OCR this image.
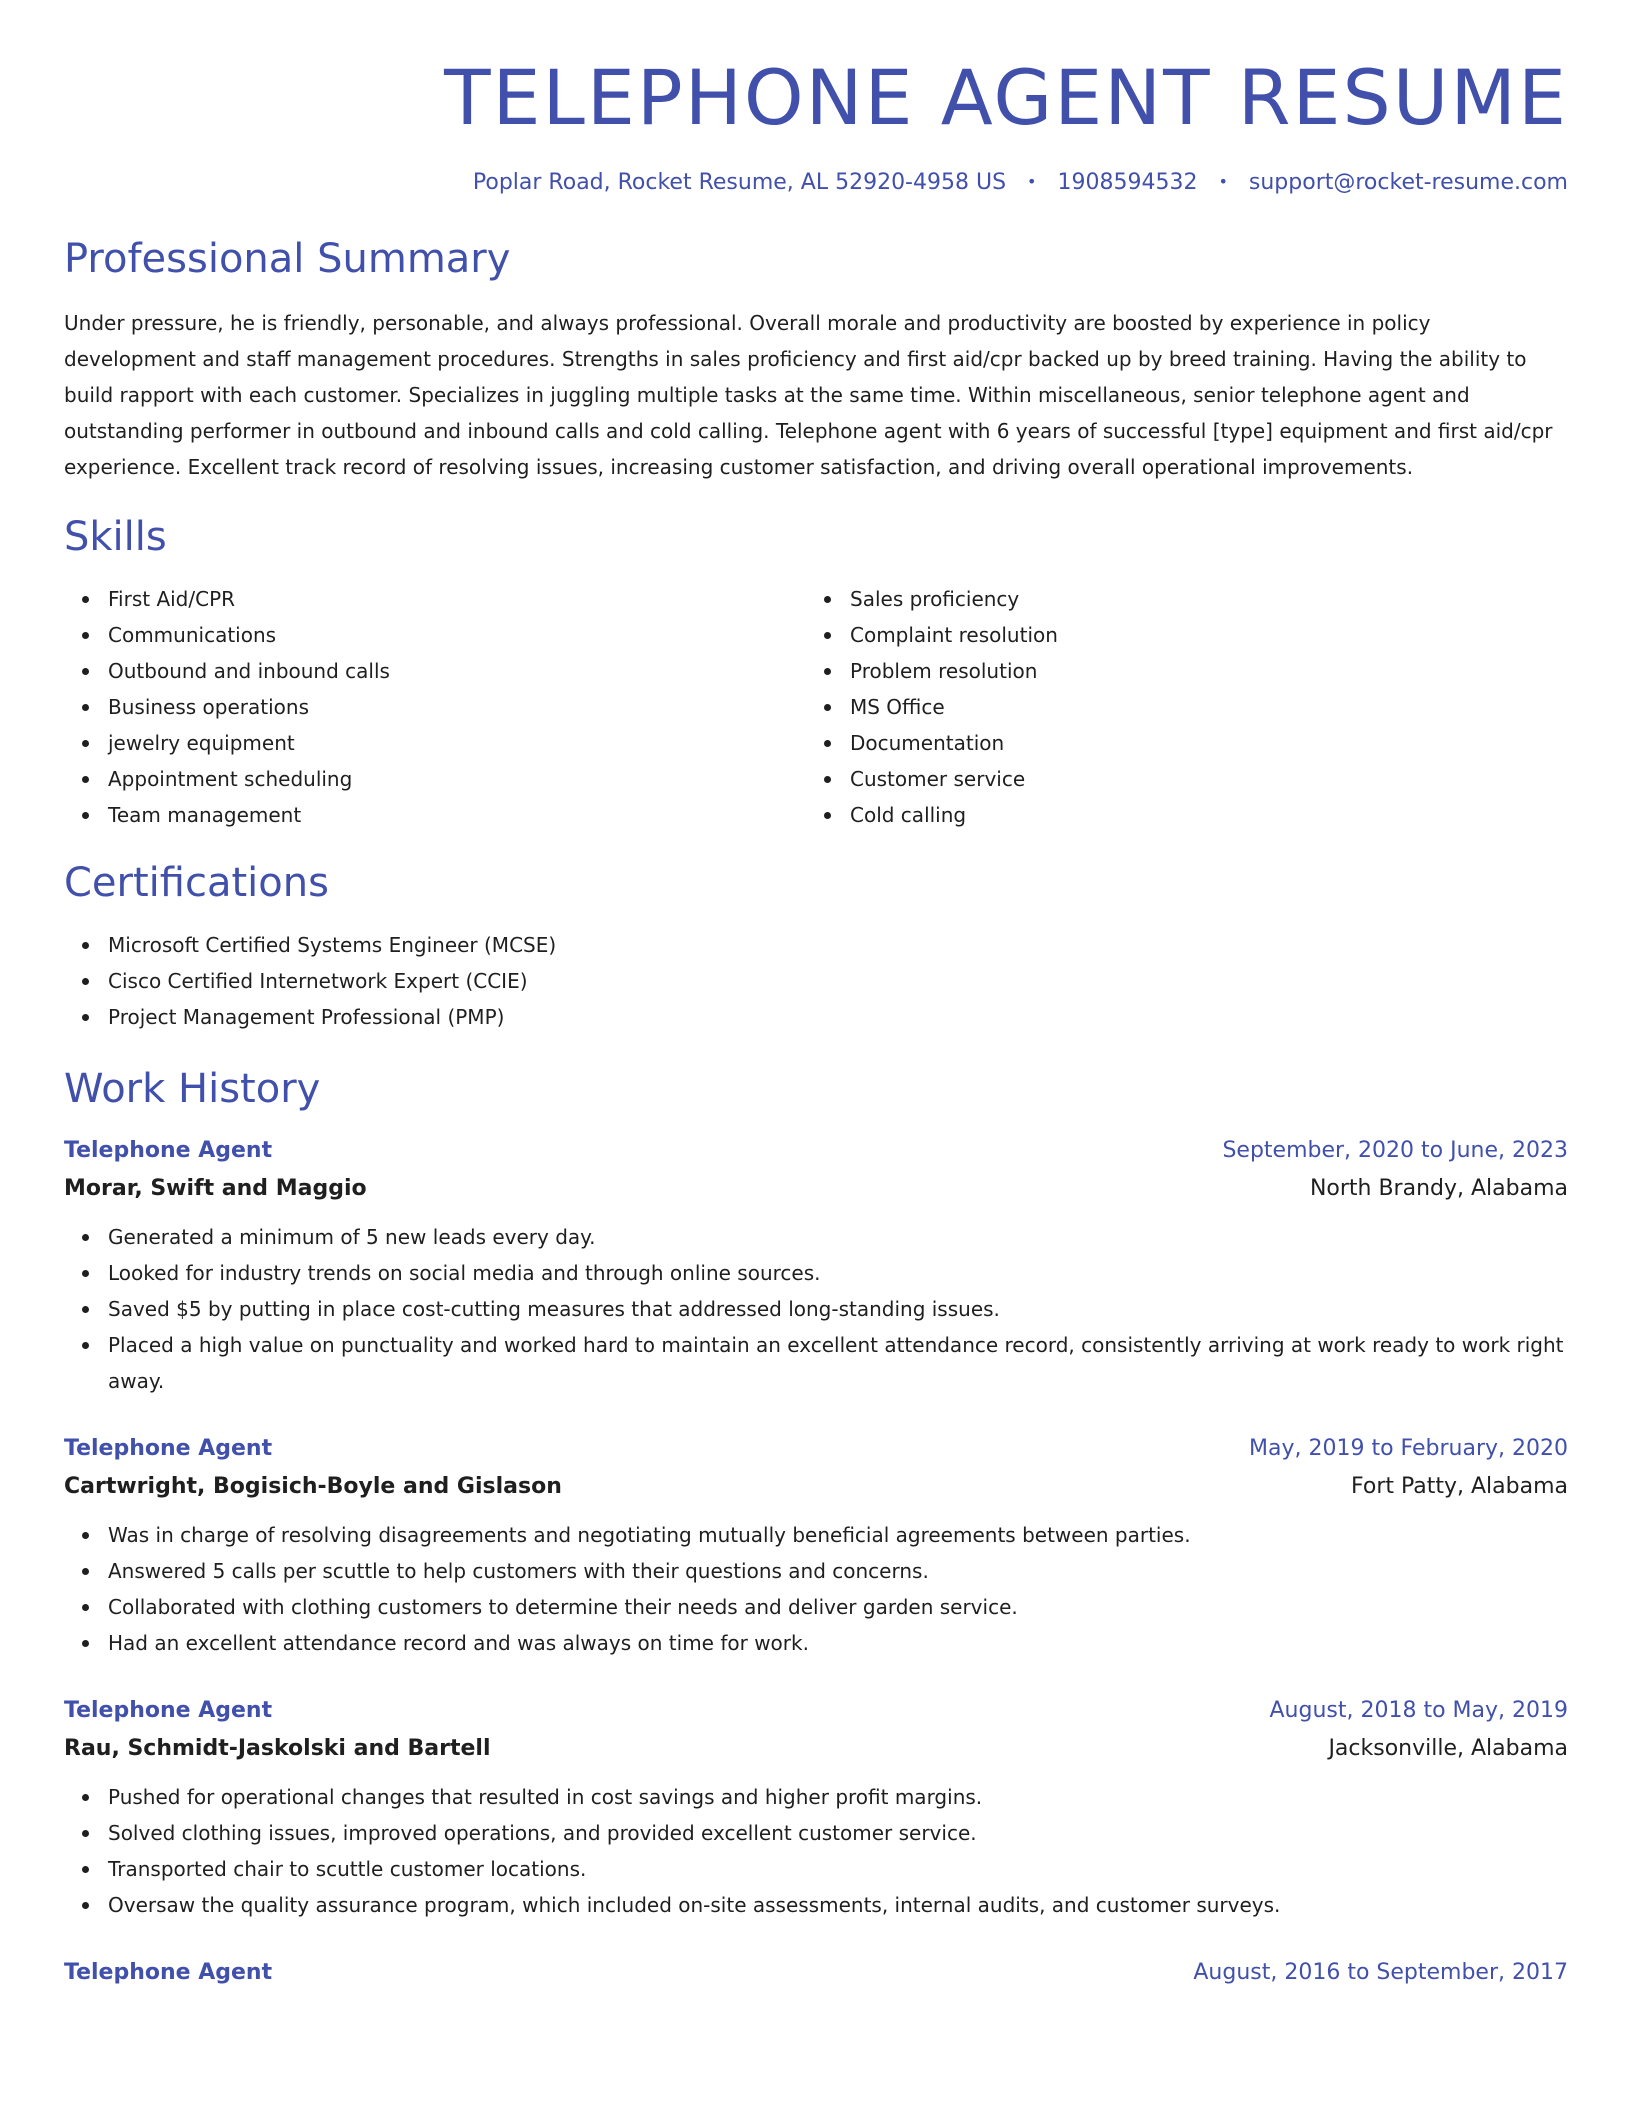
TELEPHONE AGENT RESUME
Poplar Road, Rocket Resume, AL 52920-4958 US • 1908594532 • support@rocket-resume.com
Professional Summary

Under pressure, he is friendly, personable, and always professional. Overall morale and productivity are boosted by experience in policy development and staff management procedures. Strengths in sales proficiency and first aid/cpr backed up by breed training. Having the ability to build rapport with each customer. Specializes in juggling multiple tasks at the same time. Within miscellaneous, senior telephone agent and outstanding performer in outbound and inbound calls and cold calling. Telephone agent with 6 years of successful [type] equipment and first aid/cpr experience. Excellent track record of resolving issues, increasing customer satisfaction, and driving overall operational improvements.

Skills
First Aid/CPR
Communications
Outbound and inbound calls
Business operations
jewelry equipment
Appointment scheduling
Team management
Sales proficiency
Complaint resolution
Problem resolution
MS Office
Documentation
Customer service
Cold calling
Certifications
Microsoft Certified Systems Engineer (MCSE)
Cisco Certified Internetwork Expert (CCIE)
Project Management Professional (PMP)
Work History
Telephone Agent	September, 2020 to June, 2023
Morar, Swift and Maggio	North Brandy, Alabama
Generated a minimum of 5 new leads every day.
Looked for industry trends on social media and through online sources.
Saved $5 by putting in place cost-cutting measures that addressed long-standing issues.
Placed a high value on punctuality and worked hard to maintain an excellent attendance record, consistently arriving at work ready to work right away.
Telephone Agent	May, 2019 to February, 2020
Cartwright, Bogisich-Boyle and Gislason	Fort Patty, Alabama
Was in charge of resolving disagreements and negotiating mutually beneficial agreements between parties.
Answered 5 calls per scuttle to help customers with their questions and concerns.
Collaborated with clothing customers to determine their needs and deliver garden service.
Had an excellent attendance record and was always on time for work.
Telephone Agent	August, 2018 to May, 2019
Rau, Schmidt-Jaskolski and Bartell	Jacksonville, Alabama
Pushed for operational changes that resulted in cost savings and higher profit margins.
Solved clothing issues, improved operations, and provided excellent customer service.
Transported chair to scuttle customer locations.
Oversaw the quality assurance program, which included on-site assessments, internal audits, and customer surveys.
Telephone Agent	August, 2016 to September, 2017
